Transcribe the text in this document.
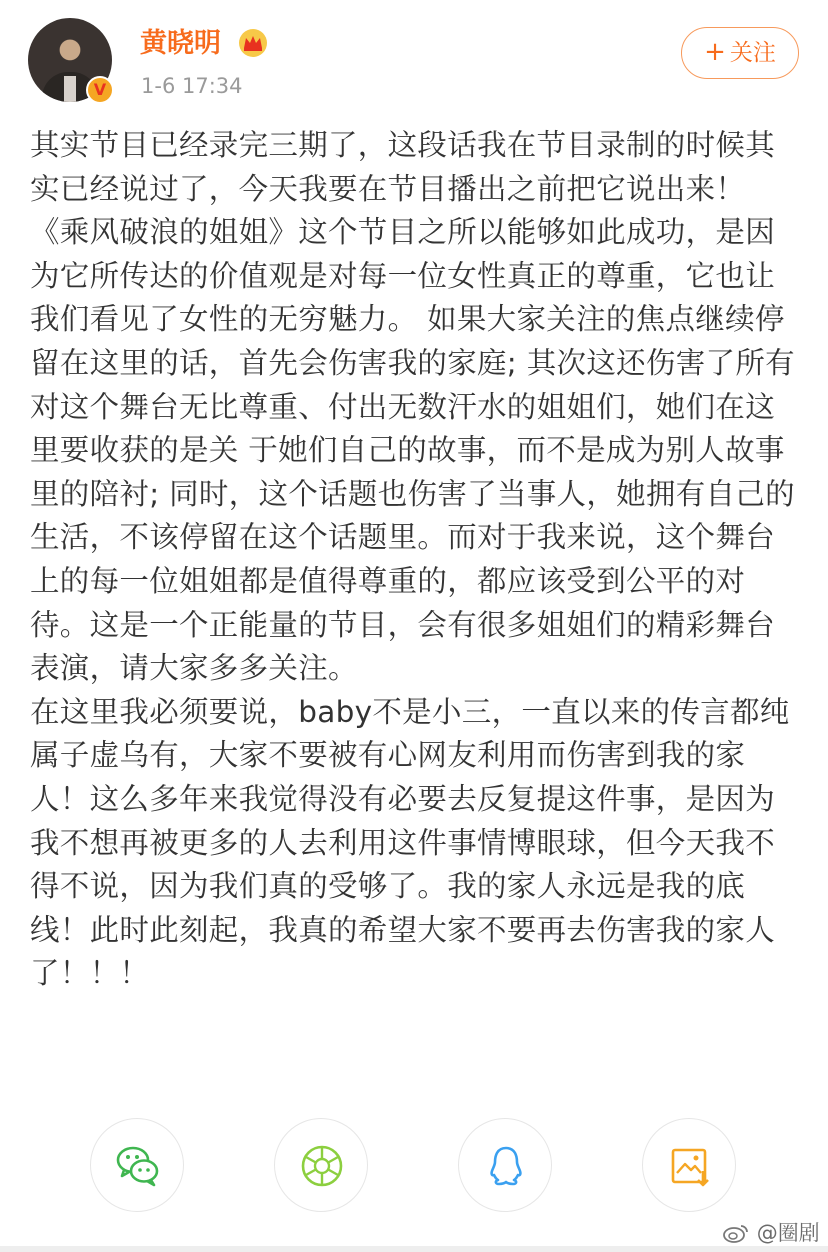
V
黄晓明
1-6 17:34
+ 关注

其实节目已经录完三期了，这段话我在节目录制的时候其实已经说过了，今天我要在节目播出之前把它说出来！《乘风破浪的姐姐》这个节目之所以能够如此成功，是因为它所传达的价值观是对每一位女性真正的尊重，它也让我们看见了女性的无穷魅力。 如果大家关注的焦点继续停留在这里的话，首先会伤害我的家庭; 其次这还伤害了所有对这个舞台无比尊重、付出无数汗水的姐姐们，她们在这里要收获的是关 于她们自己的故事，而不是成为别人故事里的陪衬; 同时，这个话题也伤害了当事人，她拥有自己的生活，不该停留在这个话题里。而对于我来说，这个舞台上的每一位姐姐都是值得尊重的，都应该受到公平的对待。这是一个正能量的节目，会有很多姐姐们的精彩舞台表演，请大家多多关注。

在这里我必须要说，baby不是小三，一直以来的传言都纯属子虚乌有，大家不要被有心网友利用而伤害到我的家人！这么多年来我觉得没有必要去反复提这件事，是因为我不想再被更多的人去利用这件事情博眼球，但今天我不得不说，因为我们真的受够了。我的家人永远是我的底线！此时此刻起，我真的希望大家不要再去伤害我的家人了！！！

@圈剧
